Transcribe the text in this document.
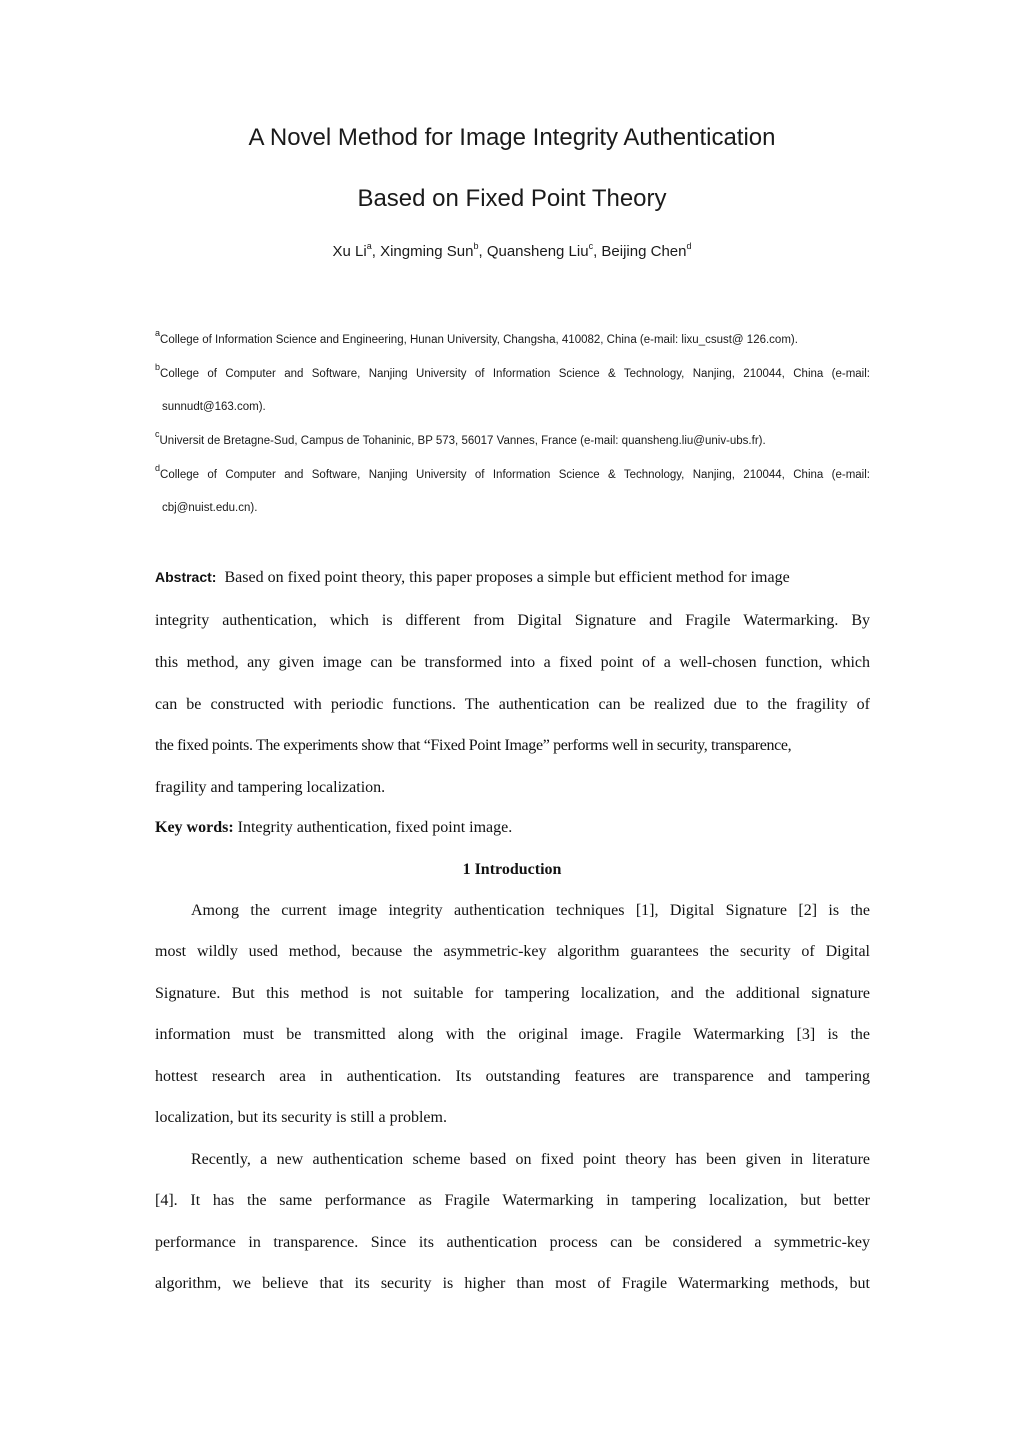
A Novel Method for Image Integrity Authentication
Based on Fixed Point Theory
Xu Li$^a$, Xingming Sun$^b$, Quansheng Liu$^c$, Beijing Chen$^d$
$^a$College of Information Science and Engineering, Hunan University, Changsha, 410082, China (e-mail: lixu_csust@ 126.com).
$^b$College of Computer and Software, Nanjing University of Information Science & Technology, Nanjing, 210044, China (e-mail:
sunnudt@163.com).
$^c$Universit de Bretagne-Sud, Campus de Tohaninic, BP 573, 56017 Vannes, France (e-mail: quansheng.liu@univ-ubs.fr).
$^d$College of Computer and Software, Nanjing University of Information Science & Technology, Nanjing, 210044, China (e-mail:
cbj@nuist.edu.cn).
Abstract: Based on fixed point theory, this paper proposes a simple but efficient method for image
integrity authentication, which is different from Digital Signature and Fragile Watermarking. By
this method, any given image can be transformed into a fixed point of a well-chosen function, which
can be constructed with periodic functions. The authentication can be realized due to the fragility of
the fixed points. The experiments show that “Fixed Point Image” performs well in security, transparence,
fragility and tampering localization.
Key words: Integrity authentication, fixed point image.
1 Introduction
Among the current image integrity authentication techniques [1], Digital Signature [2] is the
most wildly used method, because the asymmetric-key algorithm guarantees the security of Digital
Signature. But this method is not suitable for tampering localization, and the additional signature
information must be transmitted along with the original image. Fragile Watermarking [3] is the
hottest research area in authentication. Its outstanding features are transparence and tampering
localization, but its security is still a problem.
Recently, a new authentication scheme based on fixed point theory has been given in literature
[4]. It has the same performance as Fragile Watermarking in tampering localization, but better
performance in transparence. Since its authentication process can be considered a symmetric-key
algorithm, we believe that its security is higher than most of Fragile Watermarking methods, but
